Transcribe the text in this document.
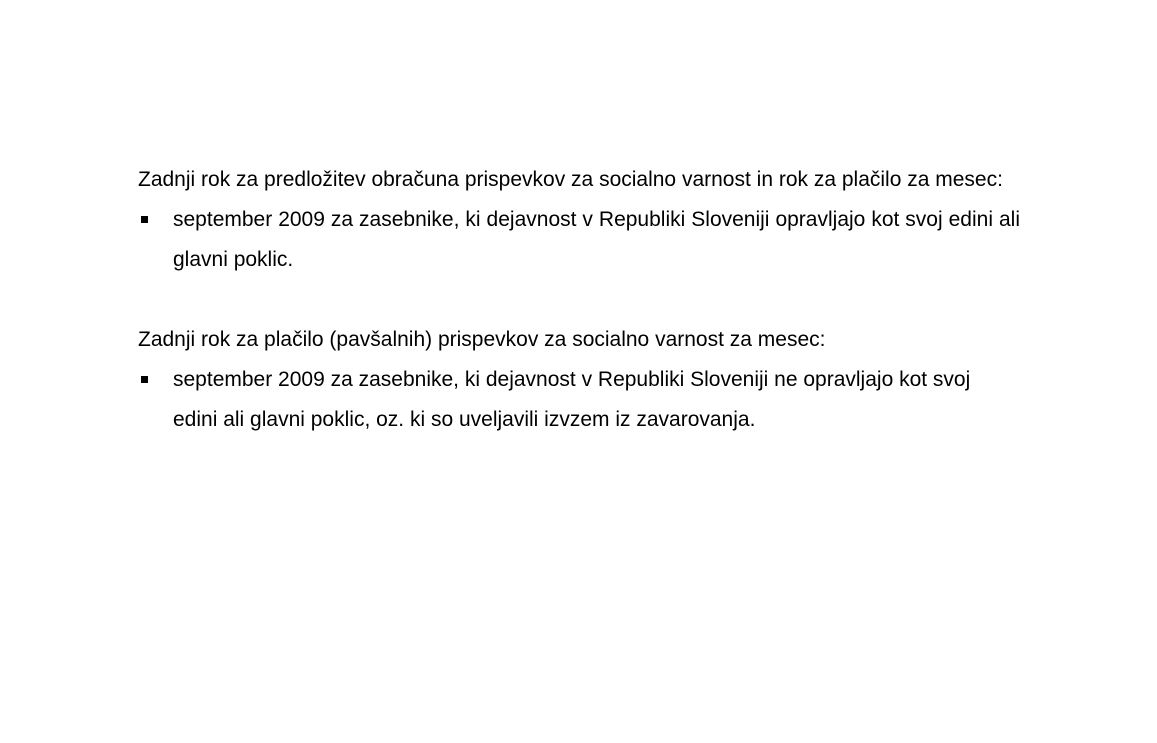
Zadnji rok za predložitev obračuna prispevkov za socialno varnost in rok za plačilo za mesec:

september 2009 za zasebnike, ki dejavnost v Republiki Sloveniji opravljajo kot svoj edini ali glavni poklic.

Zadnji rok za plačilo (pavšalnih) prispevkov za socialno varnost za mesec:

september 2009 za zasebnike, ki dejavnost v Republiki Sloveniji ne opravljajo kot svoj edini ali glavni poklic, oz. ki so uveljavili izvzem iz zavarovanja.
